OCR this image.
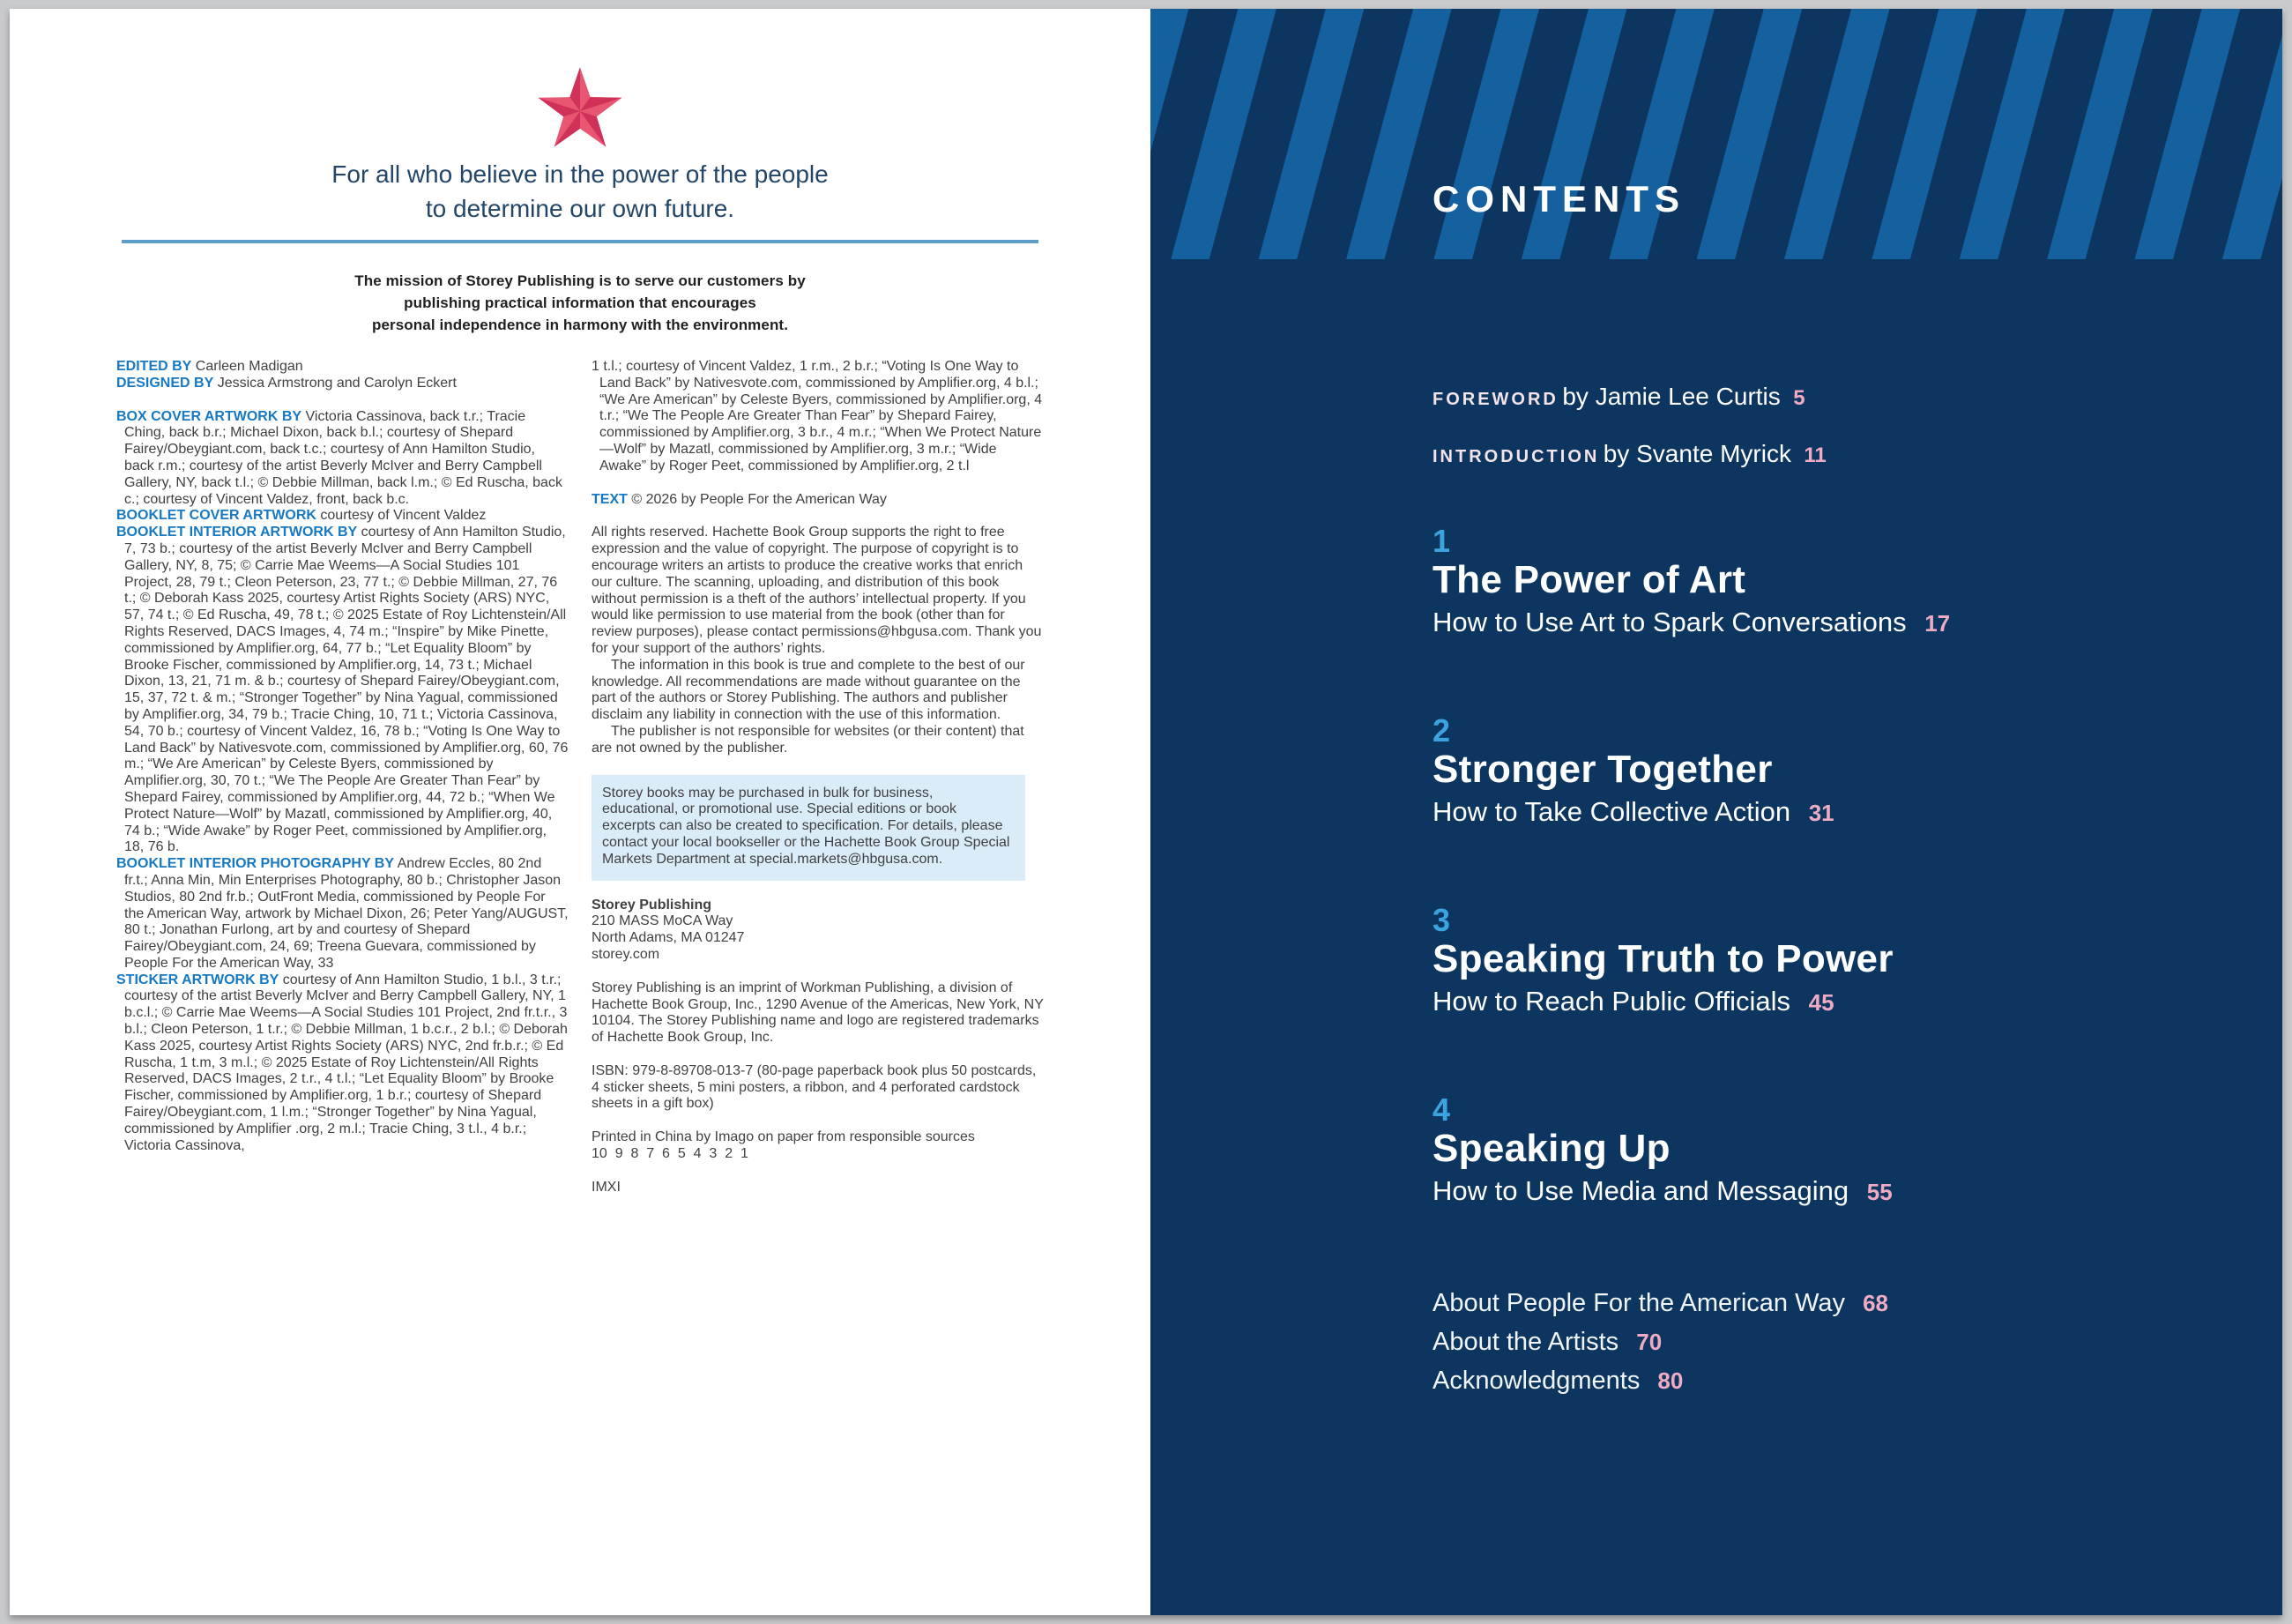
For all who believe in the power of the people
to determine our own future.
The mission of Storey Publishing is to serve our customers by
publishing practical information that encourages
personal independence in harmony with the environment.

EDITED BY Carleen Madigan

DESIGNED BY Jessica Armstrong and Carolyn Eckert

BOX COVER ARTWORK BY Victoria Cassinova, back t.r.; Tracie Ching, back b.r.; Michael Dixon, back b.l.; courtesy of Shepard Fairey/Obeygiant.com, back t.c.; courtesy of Ann Hamilton Studio, back r.m.; courtesy of the artist Beverly McIver and Berry Campbell Gallery, NY, back t.l.; © Debbie Millman, back l.m.; © Ed Ruscha, back c.; courtesy of Vincent Valdez, front, back b.c.

BOOKLET COVER ARTWORK courtesy of Vincent Valdez

BOOKLET INTERIOR ARTWORK BY courtesy of Ann Hamilton Studio, 7, 73 b.; courtesy of the artist Beverly McIver and Berry Campbell Gallery, NY, 8, 75; © Carrie Mae Weems—A Social Studies 101 Project, 28, 79 t.; Cleon Peterson, 23, 77 t.; © Debbie Millman, 27, 76 t.; © Deborah Kass 2025, courtesy Artist Rights Society (ARS) NYC, 57, 74 t.; © Ed Ruscha, 49, 78 t.; © 2025 Estate of Roy Lichtenstein/All Rights Reserved, DACS Images, 4, 74 m.; “Inspire” by Mike Pinette, commissioned by Amplifier.org, 64, 77 b.; “Let Equality Bloom” by Brooke Fischer, commissioned by Amplifier.org, 14, 73 t.; Michael Dixon, 13, 21, 71 m. & b.; courtesy of Shepard Fairey/Obeygiant.com, 15, 37, 72 t. & m.; “Stronger Together” by Nina Yagual, commissioned by Amplifier.org, 34, 79 b.; Tracie Ching, 10, 71 t.; Victoria Cassinova, 54, 70 b.; courtesy of Vincent Valdez, 16, 78 b.; “Voting Is One Way to Land Back” by Nativesvote.com, commissioned by Amplifier.org, 60, 76 m.; “We Are American” by Celeste Byers, commissioned by Amplifier.org, 30, 70 t.; “We The People Are Greater Than Fear” by Shepard Fairey, commissioned by Amplifier.org, 44, 72 b.; “When We Protect Nature—Wolf” by Mazatl, commissioned by Amplifier.org, 40, 74 b.; “Wide Awake” by Roger Peet, commissioned by Amplifier.org, 18, 76 b.

BOOKLET INTERIOR PHOTOGRAPHY BY Andrew Eccles, 80 2nd fr.t.; Anna Min, Min Enterprises Photography, 80 b.; Christopher Jason Studios, 80 2nd fr.b.; OutFront Media, commissioned by People For the American Way, artwork by Michael Dixon, 26; Peter Yang/AUGUST, 80 t.; Jonathan Furlong, art by and courtesy of Shepard Fairey/Obeygiant.com, 24, 69; Treena Guevara, commissioned by People For the American Way, 33

STICKER ARTWORK BY courtesy of Ann Hamilton Studio, 1 b.l., 3 t.r.; courtesy of the artist Beverly McIver and Berry Campbell Gallery, NY, 1 b.c.l.; © Carrie Mae Weems—A Social Studies 101 Project, 2nd fr.t.r., 3 b.l.; Cleon Peterson, 1 t.r.; © Debbie Millman, 1 b.c.r., 2 b.l.; © Deborah Kass 2025, courtesy Artist Rights Society (ARS) NYC, 2nd fr.b.r.; © Ed Ruscha, 1 t.m, 3 m.l.; © 2025 Estate of Roy Lichtenstein/All Rights Reserved, DACS Images, 2 t.r., 4 t.l.; “Let Equality Bloom” by Brooke Fischer, commissioned by Amplifier.org, 1 b.r.; courtesy of Shepard Fairey/Obeygiant.com, 1 l.m.; “Stronger Together” by Nina Yagual, commissioned by Amplifier .org, 2 m.l.; Tracie Ching, 3 t.l., 4 b.r.; Victoria Cassinova,

1 t.l.; courtesy of Vincent Valdez, 1 r.m., 2 b.r.; “Voting Is One Way to Land Back” by Nativesvote.com, commissioned by Amplifier.org, 4 b.l.; “We Are American” by Celeste Byers, commissioned by Amplifier.org, 4 t.r.; “We The People Are Greater Than Fear” by Shepard Fairey, commissioned by Amplifier.org, 3 b.r., 4 m.r.; “When We Protect Nature—Wolf” by Mazatl, commissioned by Amplifier.org, 3 m.r.; “Wide Awake” by Roger Peet, commissioned by Amplifier.org, 2 t.l

TEXT © 2026 by People For the American Way

All rights reserved. Hachette Book Group supports the right to free expression and the value of copyright. The purpose of copyright is to encourage writers an artists to produce the creative works that enrich our culture. The scanning, uploading, and distribution of this book without permission is a theft of the authors’ intellectual property. If you would like permission to use material from the book (other than for review purposes), please contact permissions@hbgusa.com. Thank you for your support of the authors’ rights.

The information in this book is true and complete to the best of our knowledge. All recommendations are made without guarantee on the part of the authors or Storey Publishing. The authors and publisher disclaim any liability in connection with the use of this information.

The publisher is not responsible for websites (or their content) that are not owned by the publisher.

Storey books may be purchased in bulk for business, educational, or promotional use. Special editions or book excerpts can also be created to specification. For details, please contact your local bookseller or the Hachette Book Group Special Markets Department at special.markets@hbgusa.com.
Storey Publishing
210 MASS MoCA Way
North Adams, MA 01247
storey.com

Storey Publishing is an imprint of Workman Publishing, a division of Hachette Book Group, Inc., 1290 Avenue of the Americas, New York, NY 10104. The Storey Publishing name and logo are registered trademarks of Hachette Book Group, Inc.

ISBN: 979-8-89708-013-7 (80-page paperback book plus 50 postcards, 4 sticker sheets, 5 mini posters, a ribbon, and 4 perforated cardstock sheets in a gift box)

Printed in China by Imago on paper from responsible sources
10  9  8  7  6  5  4  3  2  1
IMXI
CONTENTS
FOREWORD by Jamie Lee Curtis 5
INTRODUCTION by Svante Myrick 11
1
The Power of Art
How to Use Art to Spark Conversations 17
2
Stronger Together
How to Take Collective Action 31
3
Speaking Truth to Power
How to Reach Public Officials 45
4
Speaking Up
How to Use Media and Messaging 55
About People For the American Way 68
About the Artists 70
Acknowledgments 80
